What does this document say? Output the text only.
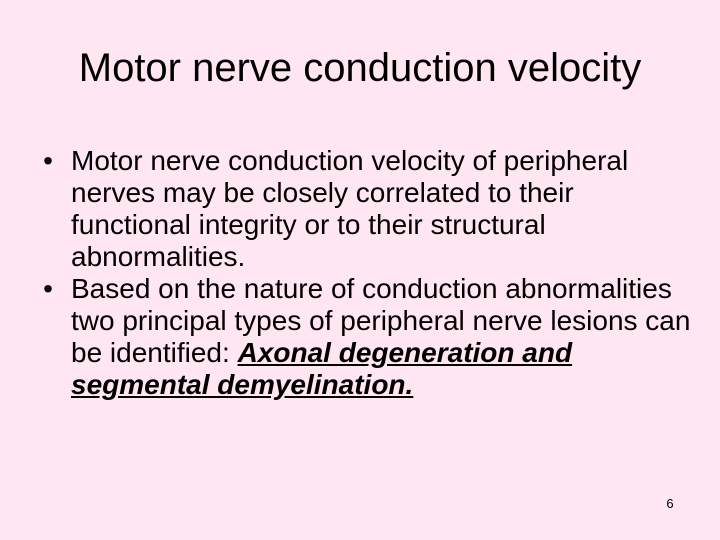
Motor nerve conduction velocity
• Motor nerve conduction velocity of peripheral nerves may be closely correlated to their functional integrity or to their structural abnormalities.
• Based on the nature of conduction abnormalities two principal types of peripheral nerve lesions can be identified: Axonal degeneration and segmental demyelination.
6
